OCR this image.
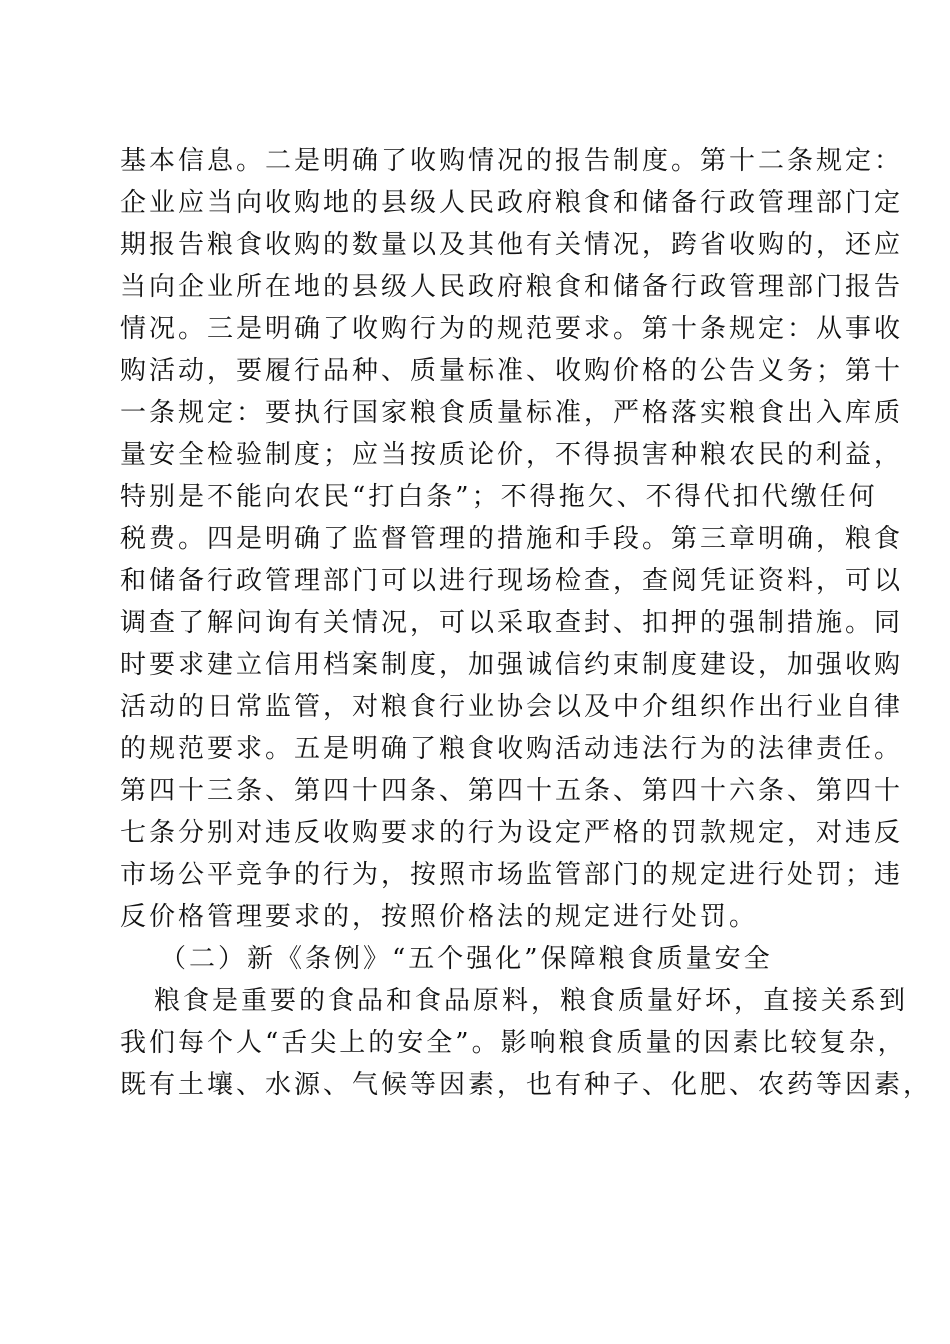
基本信息。二是明确了收购情况的报告制度。第十二条规定：
企业应当向收购地的县级人民政府粮食和储备行政管理部门定
期报告粮食收购的数量以及其他有关情况，跨省收购的，还应
当向企业所在地的县级人民政府粮食和储备行政管理部门报告
情况。三是明确了收购行为的规范要求。第十条规定：从事收
购活动，要履行品种、质量标准、收购价格的公告义务；第十
一条规定：要执行国家粮食质量标准，严格落实粮食出入库质
量安全检验制度；应当按质论价，不得损害种粮农民的利益，
特别是不能向农民“打白条”；不得拖欠、不得代扣代缴任何
税费。四是明确了监督管理的措施和手段。第三章明确，粮食
和储备行政管理部门可以进行现场检查，查阅凭证资料，可以
调查了解问询有关情况，可以采取查封、扣押的强制措施。同
时要求建立信用档案制度，加强诚信约束制度建设，加强收购
活动的日常监管，对粮食行业协会以及中介组织作出行业自律
的规范要求。五是明确了粮食收购活动违法行为的法律责任。
第四十三条、第四十四条、第四十五条、第四十六条、第四十
七条分别对违反收购要求的行为设定严格的罚款规定，对违反
市场公平竞争的行为，按照市场监管部门的规定进行处罚；违
反价格管理要求的，按照价格法的规定进行处罚。
（二）新《条例》“五个强化”保障粮食质量安全
粮食是重要的食品和食品原料，粮食质量好坏，直接关系到
我们每个人“舌尖上的安全”。影响粮食质量的因素比较复杂，
既有土壤、水源、气候等因素，也有种子、化肥、农药等因素，
